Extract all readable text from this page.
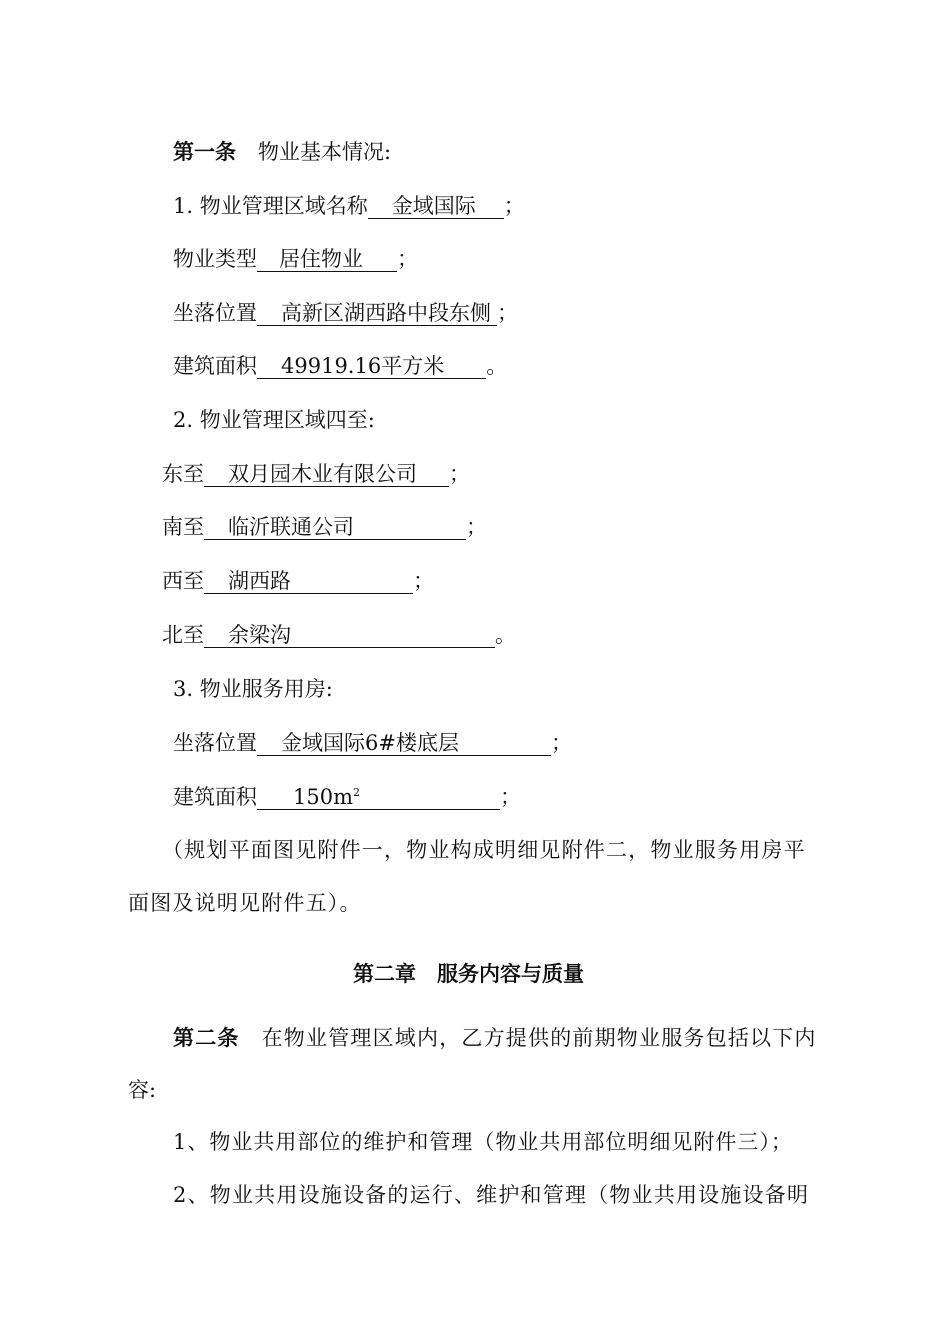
第一条 物业基本情况:
1. 物业管理区域名称 金域国际 ；
物业类型 居住物业 ；
坐落位置 高新区湖西路中段东侧 ；
建筑面积 49919.16平方米 。
2. 物业管理区域四至:
东至 双月园木业有限公司 ；
南至 临沂联通公司	；
西至 湖西路	；
北至 余梁沟	。
3. 物业服务用房:
坐落位置 金域国际6#楼底层	；
建筑面积 $150m^2$	；
（规划平面图见附件一，物业构成明细见附件二，物业服务用房平
面图及说明见附件五）。
第二章　服务内容与质量
第二条 在物业管理区域内，乙方提供的前期物业服务包括以下内
容:
1、物业共用部位的维护和管理（物业共用部位明细见附件三）；
2、物业共用设施设备的运行、维护和管理（物业共用设施设备明
